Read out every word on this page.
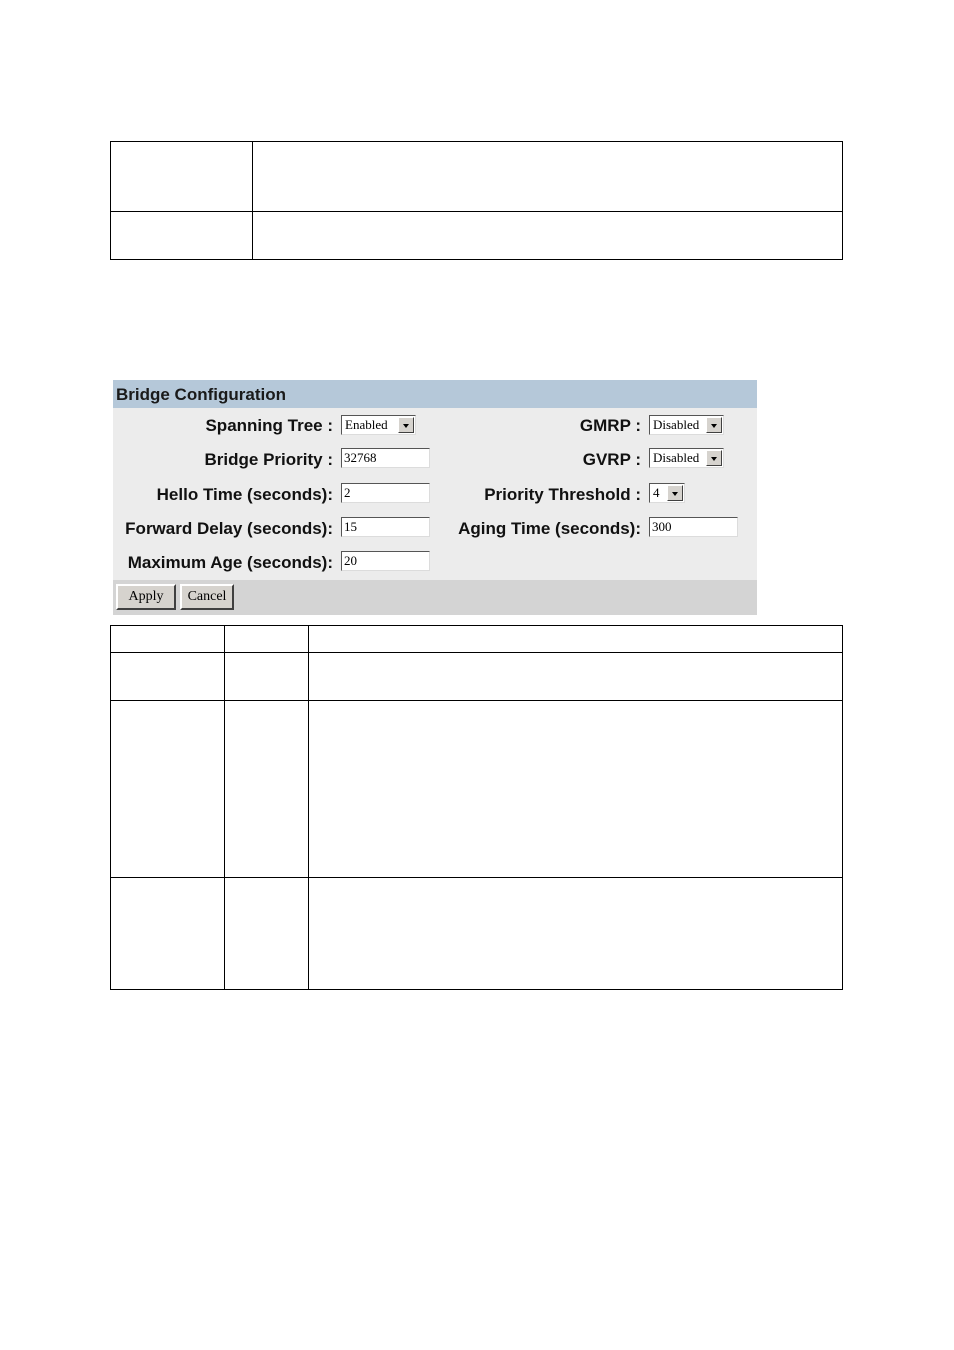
Bridge Configuration
Spanning Tree : Enabled
Bridge Priority : 32768
Hello Time (seconds): 2
Forward Delay (seconds): 15
Maximum Age (seconds): 20
GMRP : Disabled
GVRP : Disabled
Priority Threshold : 4
Aging Time (seconds): 300
Apply	Cancel
